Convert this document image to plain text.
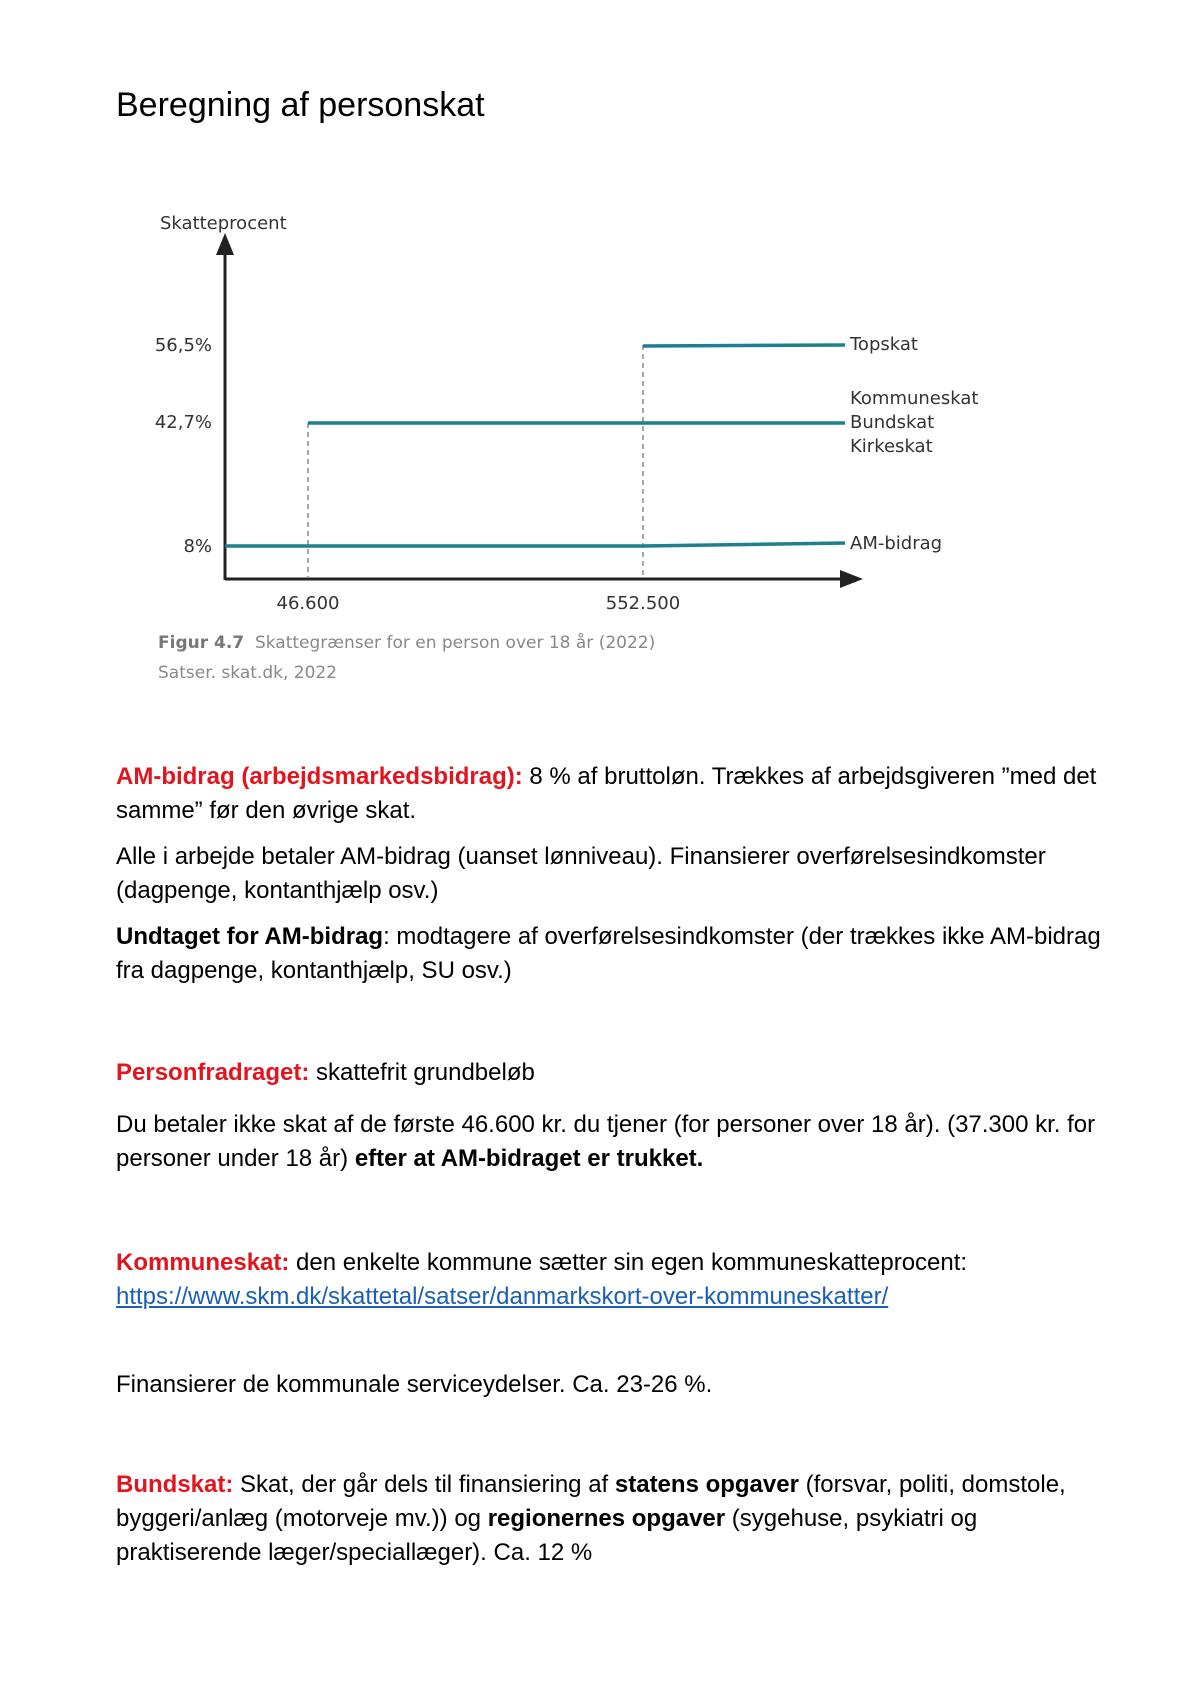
Beregning af personskat
Skatteprocent
56,5%
42,7%
8%
46.600	552.500
Topskat
Kommuneskat
Bundskat
Kirkeskat
AM-bidrag
Figur 4.7 Skattegrænser for en person over 18 år (2022)
Satser. skat.dk, 2022

AM-bidrag (arbejdsmarkedsbidrag): 8 % af bruttoløn. Trækkes af arbejdsgiveren ”med det samme” før den øvrige skat.

Alle i arbejde betaler AM-bidrag (uanset lønniveau). Finansierer overførelsesindkomster (dagpenge, kontanthjælp osv.)

Undtaget for AM-bidrag: modtagere af overførelsesindkomster (der trækkes ikke AM-bidrag fra dagpenge, kontanthjælp, SU osv.)

Personfradraget: skattefrit grundbeløb

Du betaler ikke skat af de første 46.600 kr. du tjener (for personer over 18 år). (37.300 kr. for personer under 18 år) efter at AM-bidraget er trukket.

Kommuneskat: den enkelte kommune sætter sin egen kommuneskatteprocent: https://www.skm.dk/skattetal/satser/danmarkskort-over-kommuneskatter/

Finansierer de kommunale serviceydelser. Ca. 23-26 %.

Bundskat: Skat, der går dels til finansiering af statens opgaver (forsvar, politi, domstole, byggeri/anlæg (motorveje mv.)) og regionernes opgaver (sygehuse, psykiatri og praktiserende læger/speciallæger). Ca. 12 %
